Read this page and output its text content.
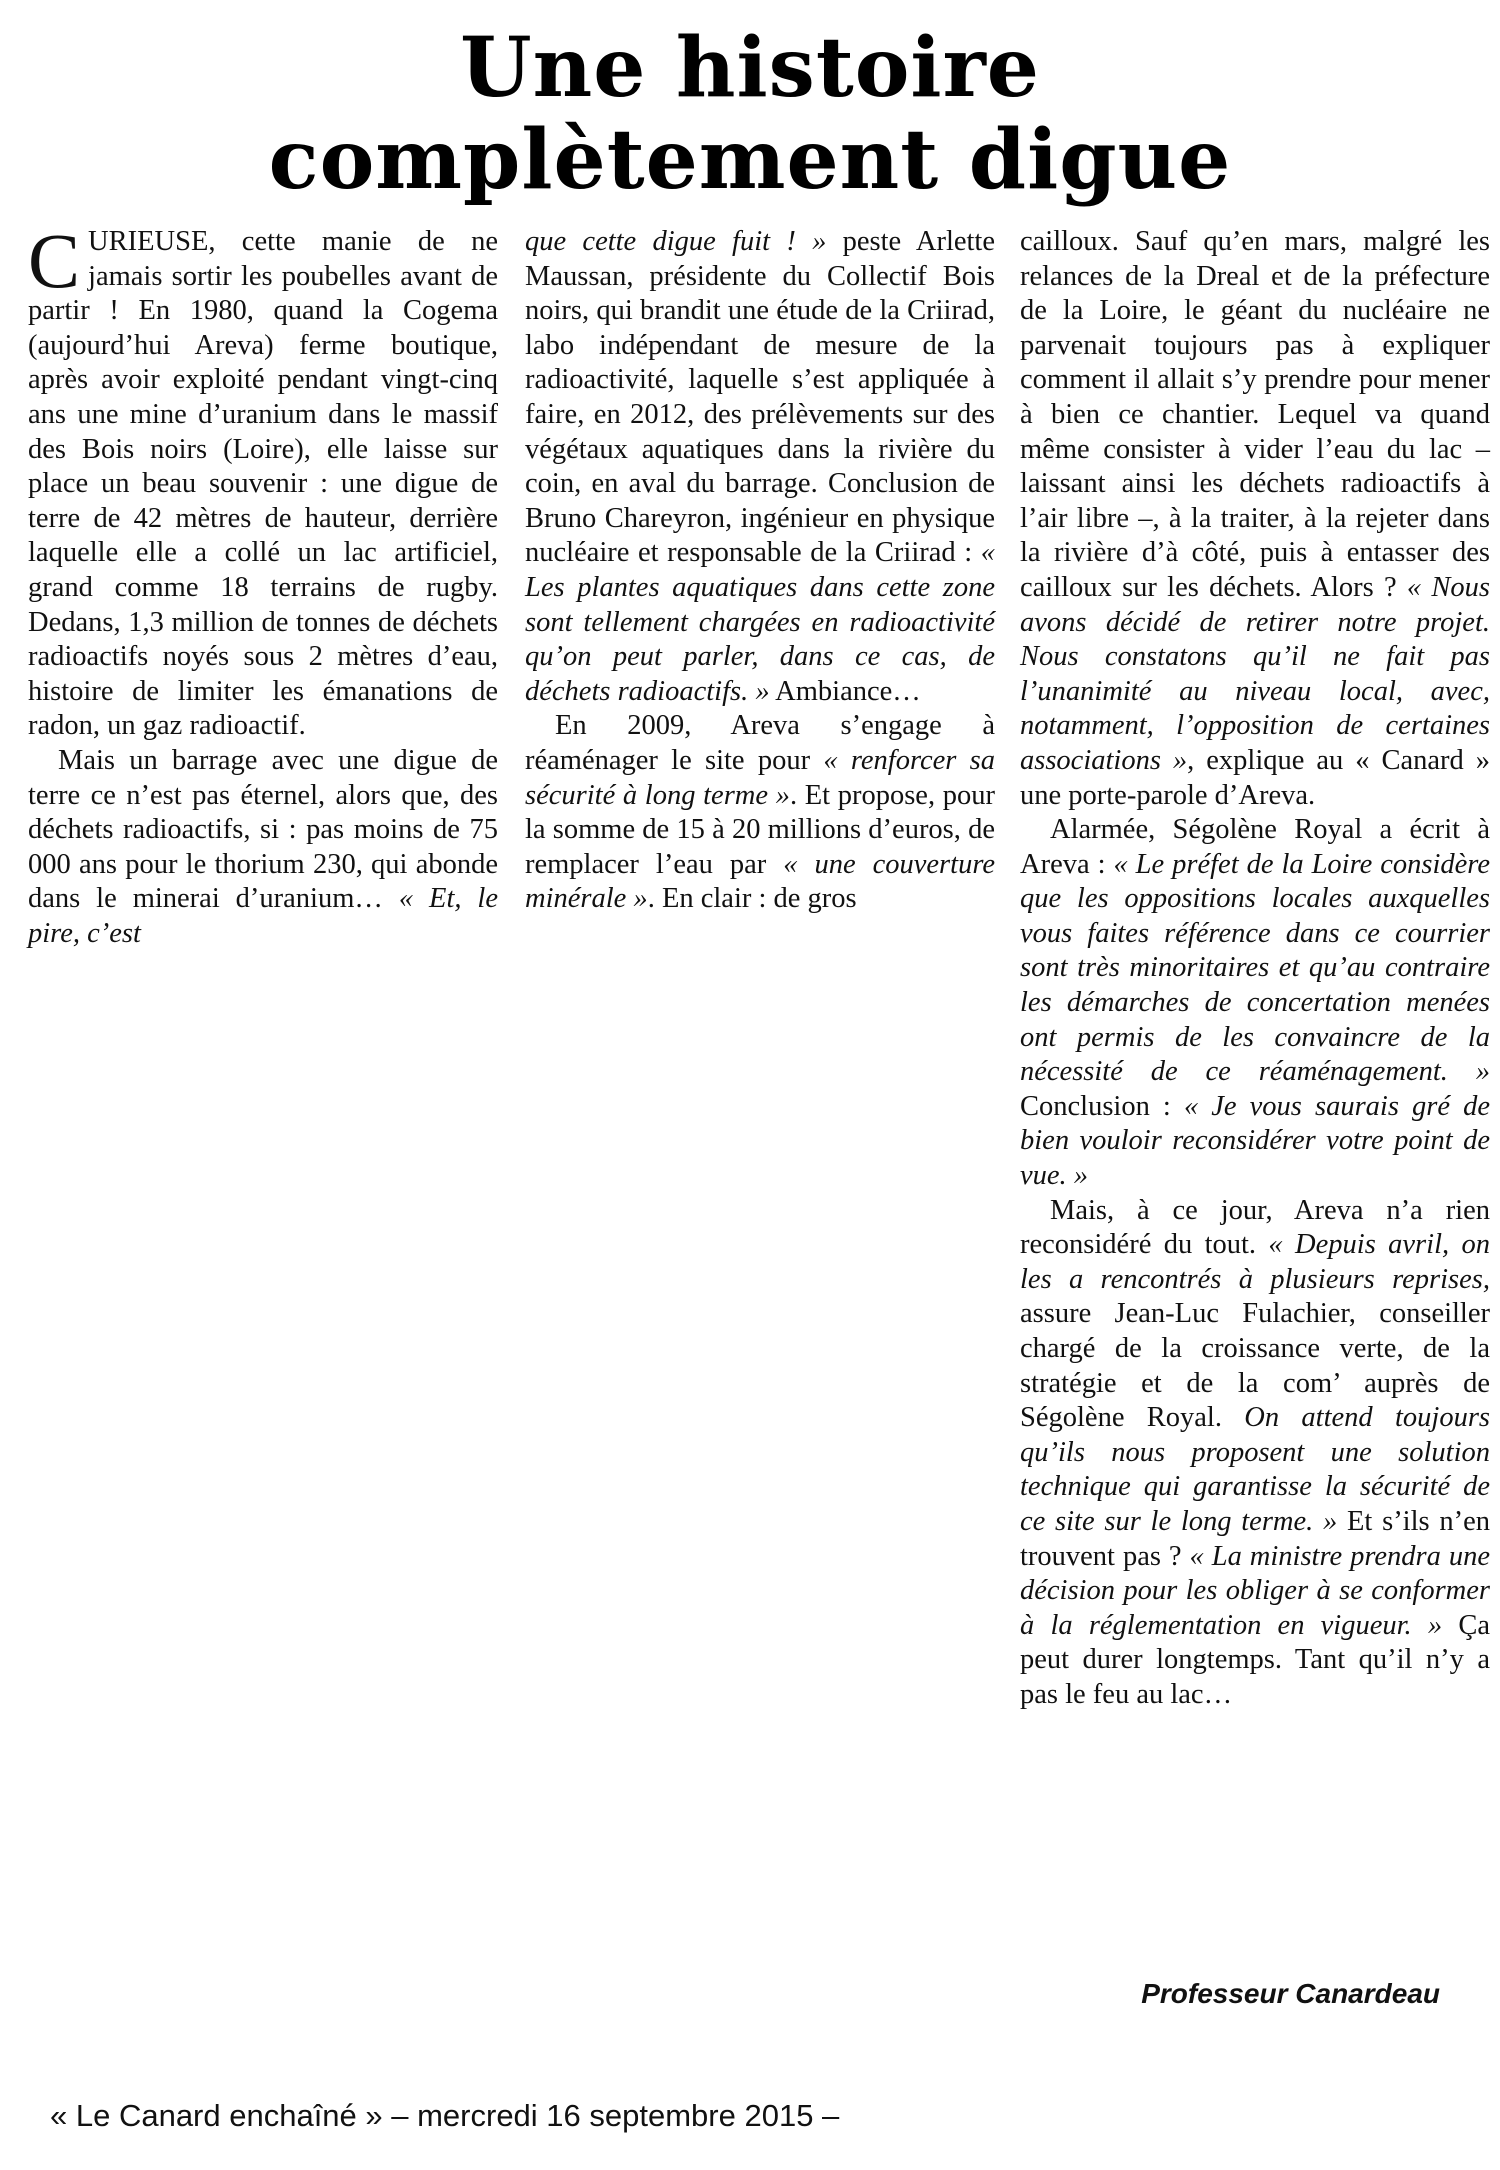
Une histoire
complètement digue

CURIEUSE, cette manie de ne jamais sortir les poubelles avant de partir ! En 1980, quand la Cogema (aujourd’hui Areva) ferme boutique, après avoir exploité pendant vingt-cinq ans une mine d’uranium dans le massif des Bois noirs (Loire), elle laisse sur place un beau souvenir : une digue de terre de 42 mètres de hauteur, derrière laquelle elle a collé un lac artificiel, grand comme 18 terrains de rugby. Dedans, 1,3 million de tonnes de déchets radioactifs noyés sous 2 mètres d’eau, histoire de limiter les émanations de radon, un gaz radioactif.

Mais un barrage avec une digue de terre ce n’est pas éternel, alors que, des déchets radioactifs, si : pas moins de 75 000 ans pour le thorium 230, qui abonde dans le minerai d’uranium… « Et, le pire, c’est

que cette digue fuit ! » peste Arlette Maussan, présidente du Collectif Bois noirs, qui brandit une étude de la Criirad, labo indépendant de mesure de la radioactivité, laquelle s’est appliquée à faire, en 2012, des prélèvements sur des végétaux aquatiques dans la rivière du coin, en aval du barrage. Conclusion de Bruno Chareyron, ingénieur en physique nucléaire et responsable de la Criirad : « Les plantes aquatiques dans cette zone sont tellement chargées en radioactivité qu’on peut parler, dans ce cas, de déchets radioactifs. » Ambiance…

En 2009, Areva s’engage à réaménager le site pour « renforcer sa sécurité à long terme ». Et propose, pour la somme de 15 à 20 millions d’euros, de remplacer l’eau par « une couverture minérale ». En clair : de gros

cailloux. Sauf qu’en mars, malgré les relances de la Dreal et de la préfecture de la Loire, le géant du nucléaire ne parvenait toujours pas à expliquer comment il allait s’y prendre pour mener à bien ce chantier. Lequel va quand même consister à vider l’eau du lac – laissant ainsi les déchets radioactifs à l’air libre –, à la traiter, à la rejeter dans la rivière d’à côté, puis à entasser des cailloux sur les déchets. Alors ? « Nous avons décidé de retirer notre projet. Nous constatons qu’il ne fait pas l’unanimité au niveau local, avec, notamment, l’opposition de certaines associations », explique au « Canard » une porte-parole d’Areva.

Alarmée, Ségolène Royal a écrit à Areva : « Le préfet de la Loire considère que les oppositions locales auxquelles vous faites référence dans ce courrier sont très minoritaires et qu’au contraire les démarches de concertation menées ont permis de les convaincre de la nécessité de ce réaménagement. » Conclusion : « Je vous saurais gré de bien vouloir reconsidérer votre point de vue. »

Mais, à ce jour, Areva n’a rien reconsidéré du tout. « Depuis avril, on les a rencontrés à plusieurs reprises, assure Jean-Luc Fulachier, conseiller chargé de la croissance verte, de la stratégie et de la com’ auprès de Ségolène Royal. On attend toujours qu’ils nous proposent une solution technique qui garantisse la sécurité de ce site sur le long terme. » Et s’ils n’en trouvent pas ? « La ministre prendra une décision pour les obliger à se conformer à la réglementation en vigueur. » Ça peut durer longtemps. Tant qu’il n’y a pas le feu au lac…

Professeur Canardeau

« Le Canard enchaîné » – mercredi 16 septembre 2015 –
